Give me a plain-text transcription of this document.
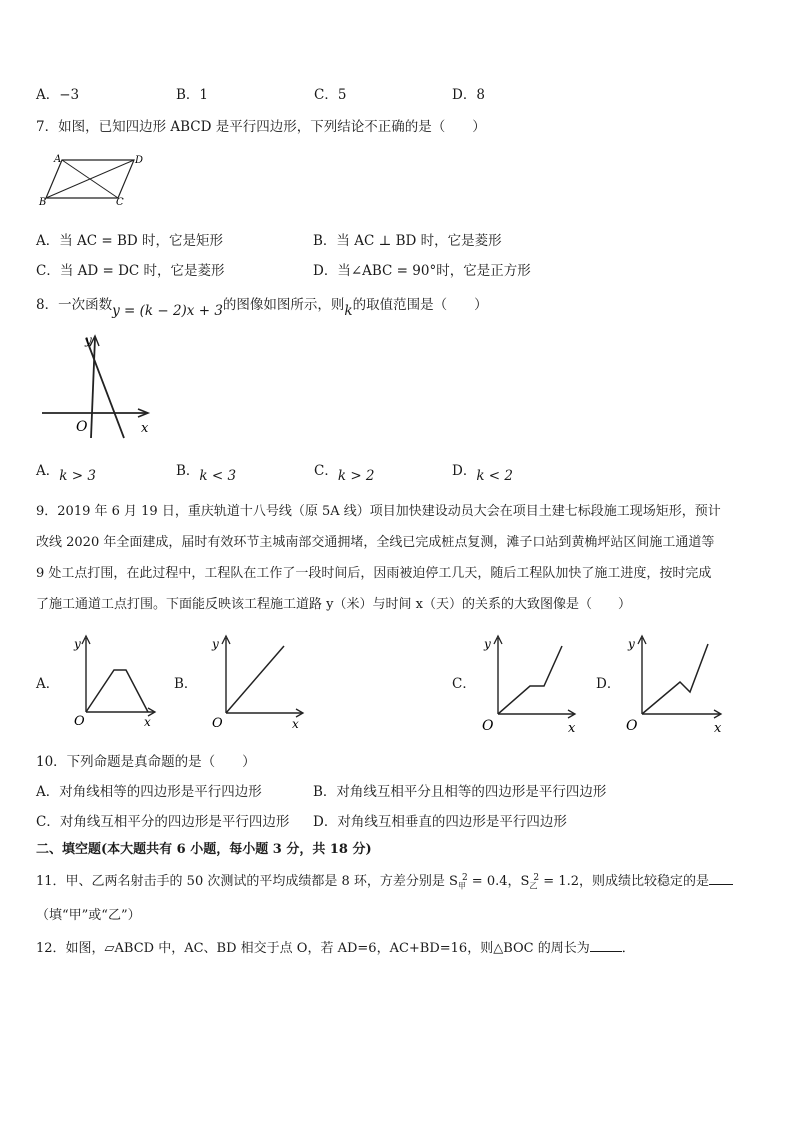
A．−3	B．1	C．5	D．8
7．如图，已知四边形 ABCD 是平行四边形，下列结论不正确的是（　　）
A	D
B	C
A．当 AC = BD 时，它是矩形	B．当 AC ⊥ BD 时，它是菱形
C．当 AD = DC 时，它是菱形	D．当∠ABC = 90°时，它是正方形
8．一次函数y = (k − 2)x + 3的图像如图所示，则k的取值范围是（　　）
y
O	x
A．k > 3	B．k < 3	C．k > 2	D．k < 2
9．2019 年 6 月 19 日，重庆轨道十八号线（原 5A 线）项目加快建设动员大会在项目土建七标段施工现场矩形，预计
改线 2020 年全面建成，届时有效环节主城南部交通拥堵，全线已完成桩点复测，滩子口站到黄桷坪站区间施工通道等
9 处工点打围，在此过程中，工程队在工作了一段时间后，因雨被迫停工几天，随后工程队加快了施工进度，按时完成
了施工通道工点打围。下面能反映该工程施工道路 y（米）与时间 x（天）的关系的大致图像是（　　）
A．
y
O	x
B．
y
O	x
C．
y
O	x
D．
y
O	x
10．下列命题是真命题的是（　　）
A．对角线相等的四边形是平行四边形	B．对角线互相平分且相等的四边形是平行四边形
C．对角线互相平分的四边形是平行四边形 D．对角线互相垂直的四边形是平行四边形
二、填空题(本大题共有 6 小题，每小题 3 分，共 18 分)
11．甲、乙两名射击手的 50 次测试的平均成绩都是 8 环，方差分别是 $S_甲^2 = 0.4$，$S_乙^2 = 1.2$，则成绩比较稳定的是
（填“甲”或“乙”）
12．如图，▱ABCD 中，AC、BD 相交于点 O，若 AD=6，AC+BD=16，则△BOC 的周长为 ．
